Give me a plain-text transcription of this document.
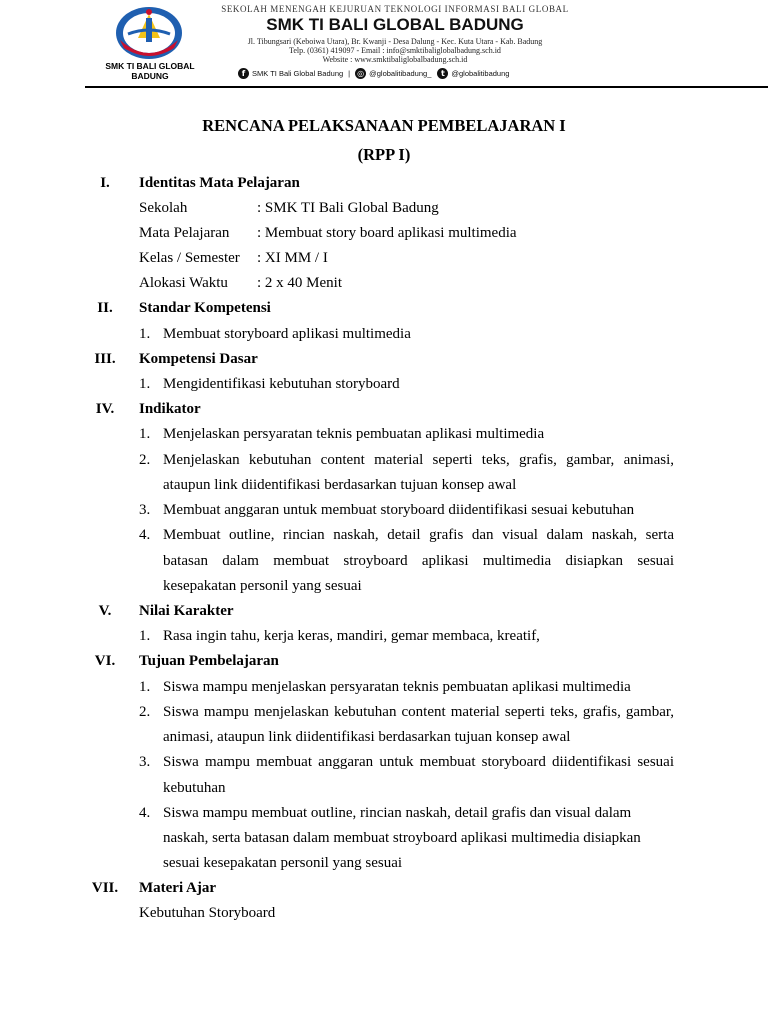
SMK TI BALI GLOBAL
BADUNG
SEKOLAH MENENGAH KEJURUAN TEKNOLOGI INFORMASI BALI GLOBAL
SMK TI BALI GLOBAL BADUNG
Jl. Tibungsari (Keboiwa Utara), Br. Kwanji - Desa Dalung - Kec. Kuta Utara - Kab. Badung
Telp. (0361) 419097 - Email : info@smktibaliglobalbadung.sch.id
Website : www.smktibaliglobalbadung.sch.id
f SMK TI Bali Global Badung | ◎ @globalitibadung_	t @globalitibadung
RENCANA PELAKSANAAN PEMBELAJARAN I
(RPP I)
I.	Identitas Mata Pelajaran
Sekolah	: SMK TI Bali Global Badung
Mata Pelajaran : Membuat story board aplikasi multimedia
Kelas / Semester : XI MM / I
Alokasi Waktu : 2 x 40 Menit
II.	Standar Kompetensi
1. Membuat storyboard aplikasi multimedia
III.	Kompetensi Dasar
1. Mengidentifikasi kebutuhan storyboard
IV.	Indikator
1. Menjelaskan persyaratan teknis pembuatan aplikasi multimedia
2. Menjelaskan kebutuhan content material seperti teks, grafis, gambar, animasi,
ataupun link diidentifikasi berdasarkan tujuan konsep awal
3. Membuat anggaran untuk membuat storyboard diidentifikasi sesuai kebutuhan
4. Membuat outline, rincian naskah, detail grafis dan visual dalam naskah, serta
batasan dalam membuat stroyboard aplikasi multimedia disiapkan sesuai
kesepakatan personil yang sesuai
V.	Nilai Karakter
1. Rasa ingin tahu, kerja keras, mandiri, gemar membaca, kreatif,
VI.	Tujuan Pembelajaran
1. Siswa mampu menjelaskan persyaratan teknis pembuatan aplikasi multimedia
2. Siswa mampu menjelaskan kebutuhan content material seperti teks, grafis, gambar,
animasi, ataupun link diidentifikasi berdasarkan tujuan konsep awal
3. Siswa mampu membuat anggaran untuk membuat storyboard diidentifikasi sesuai
kebutuhan
4. Siswa mampu membuat outline, rincian naskah, detail grafis dan visual dalam
naskah, serta batasan dalam membuat stroyboard aplikasi multimedia disiapkan
sesuai kesepakatan personil yang sesuai
VII.	Materi Ajar
Kebutuhan Storyboard
